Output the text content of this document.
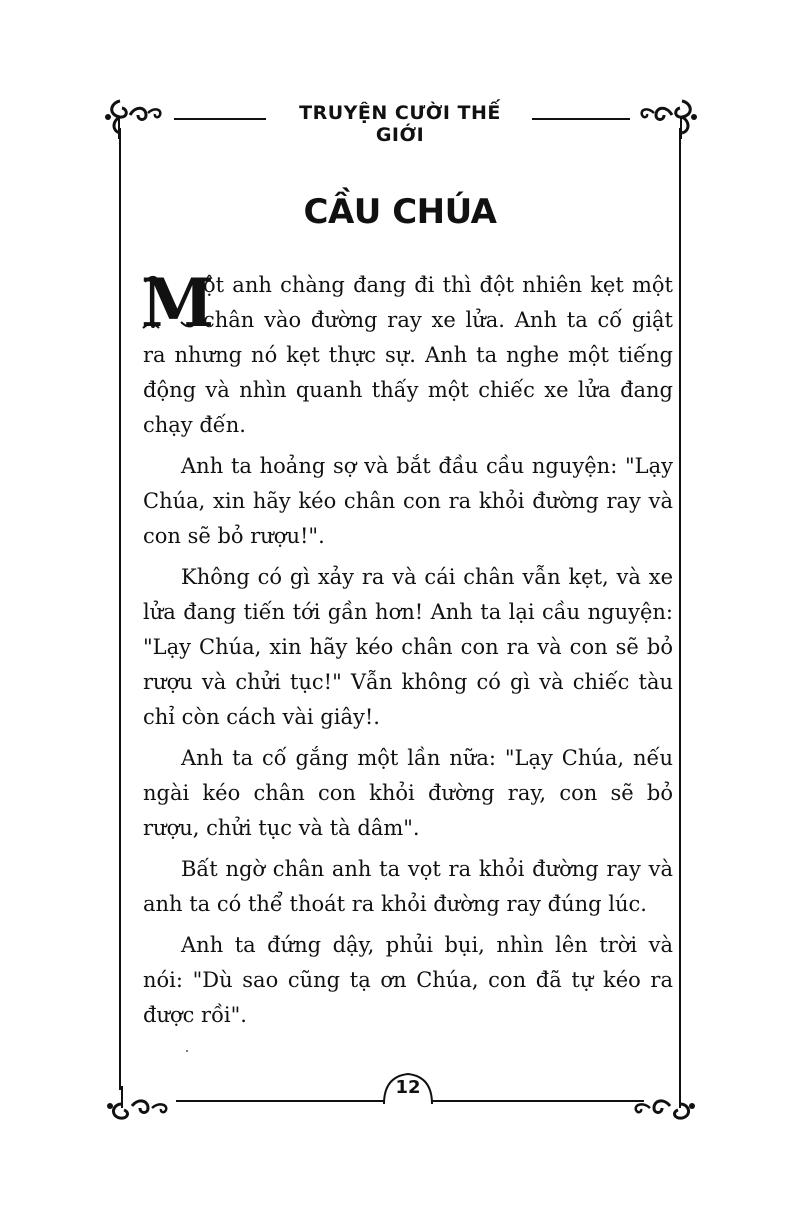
TRUYỆN CƯỜI THẾ GIỚI
CẦU CHÚA

M
ột anh chàng đang đi thì đột nhiên kẹt một chân vào đường ray xe lửa. Anh ta cố giật ra nhưng nó kẹt thực sự. Anh ta nghe một tiếng động và nhìn quanh thấy một chiếc xe lửa đang chạy đến.

Anh ta hoảng sợ và bắt đầu cầu nguyện: "Lạy Chúa, xin hãy kéo chân con ra khỏi đường ray và con sẽ bỏ rượu!".

Không có gì xảy ra và cái chân vẫn kẹt, và xe lửa đang tiến tới gần hơn! Anh ta lại cầu nguyện: "Lạy Chúa, xin hãy kéo chân con ra và con sẽ bỏ rượu và chửi tục!" Vẫn không có gì và chiếc tàu chỉ còn cách vài giây!.

Anh ta cố gắng một lần nữa: "Lạy Chúa, nếu ngài kéo chân con khỏi đường ray, con sẽ bỏ rượu, chửi tục và tà dâm".

Bất ngờ chân anh ta vọt ra khỏi đường ray và anh ta có thể thoát ra khỏi đường ray đúng lúc.

Anh ta đứng dậy, phủi bụi, nhìn lên trời và nói: "Dù sao cũng tạ ơn Chúa, con đã tự kéo ra được rồi".

12
